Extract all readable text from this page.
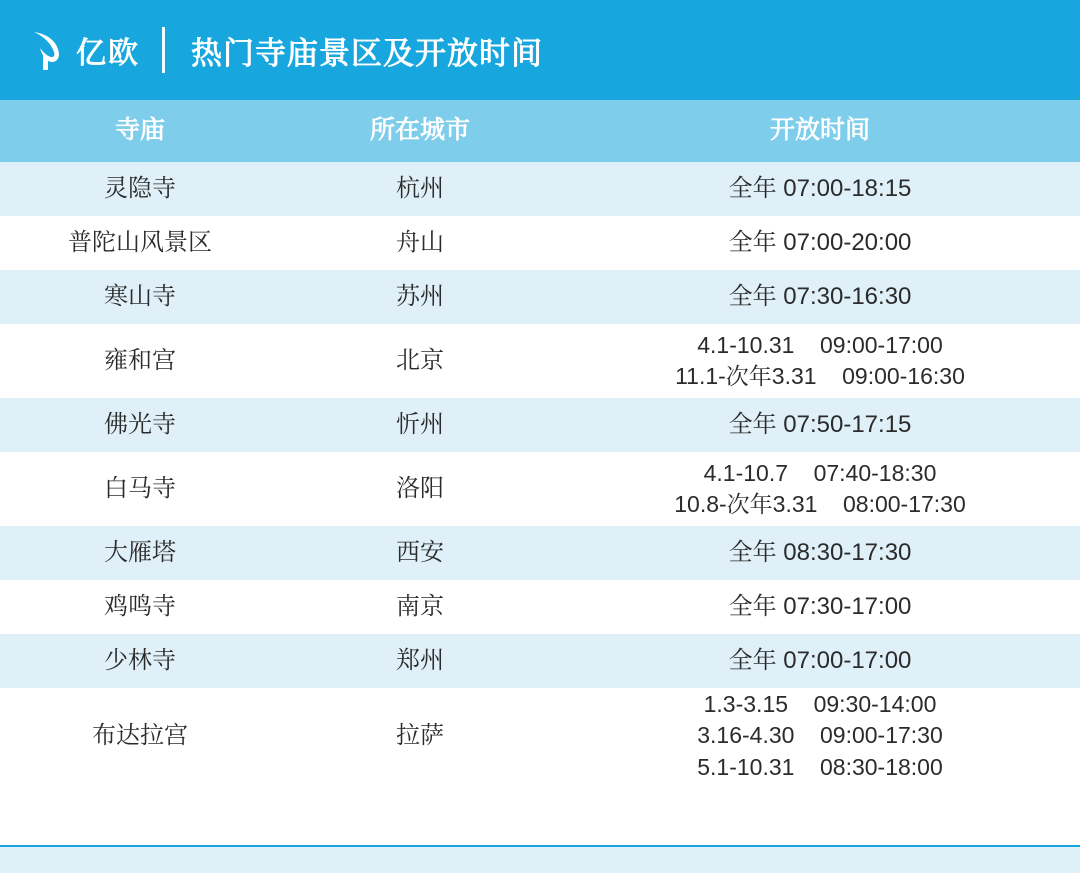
亿欧 热门寺庙景区及开放时间
寺庙	所在城市	开放时间
灵隐寺	杭州	全年 07:00-18:15
普陀山风景区	舟山	全年 07:00-20:00
寒山寺	苏州	全年 07:30-16:30
雍和宫	北京
4.1-10.31    09:00-17:00
11.1-次年3.31    09:00-16:30
佛光寺	忻州	全年 07:50-17:15
白马寺	洛阳
4.1-10.7    07:40-18:30
10.8-次年3.31    08:00-17:30
大雁塔	西安	全年 08:30-17:30
鸡鸣寺	南京	全年 07:30-17:00
少林寺	郑州	全年 07:00-17:00
布达拉宫	拉萨
1.3-3.15    09:30-14:00
3.16-4.30    09:00-17:30
5.1-10.31    08:30-18:00
